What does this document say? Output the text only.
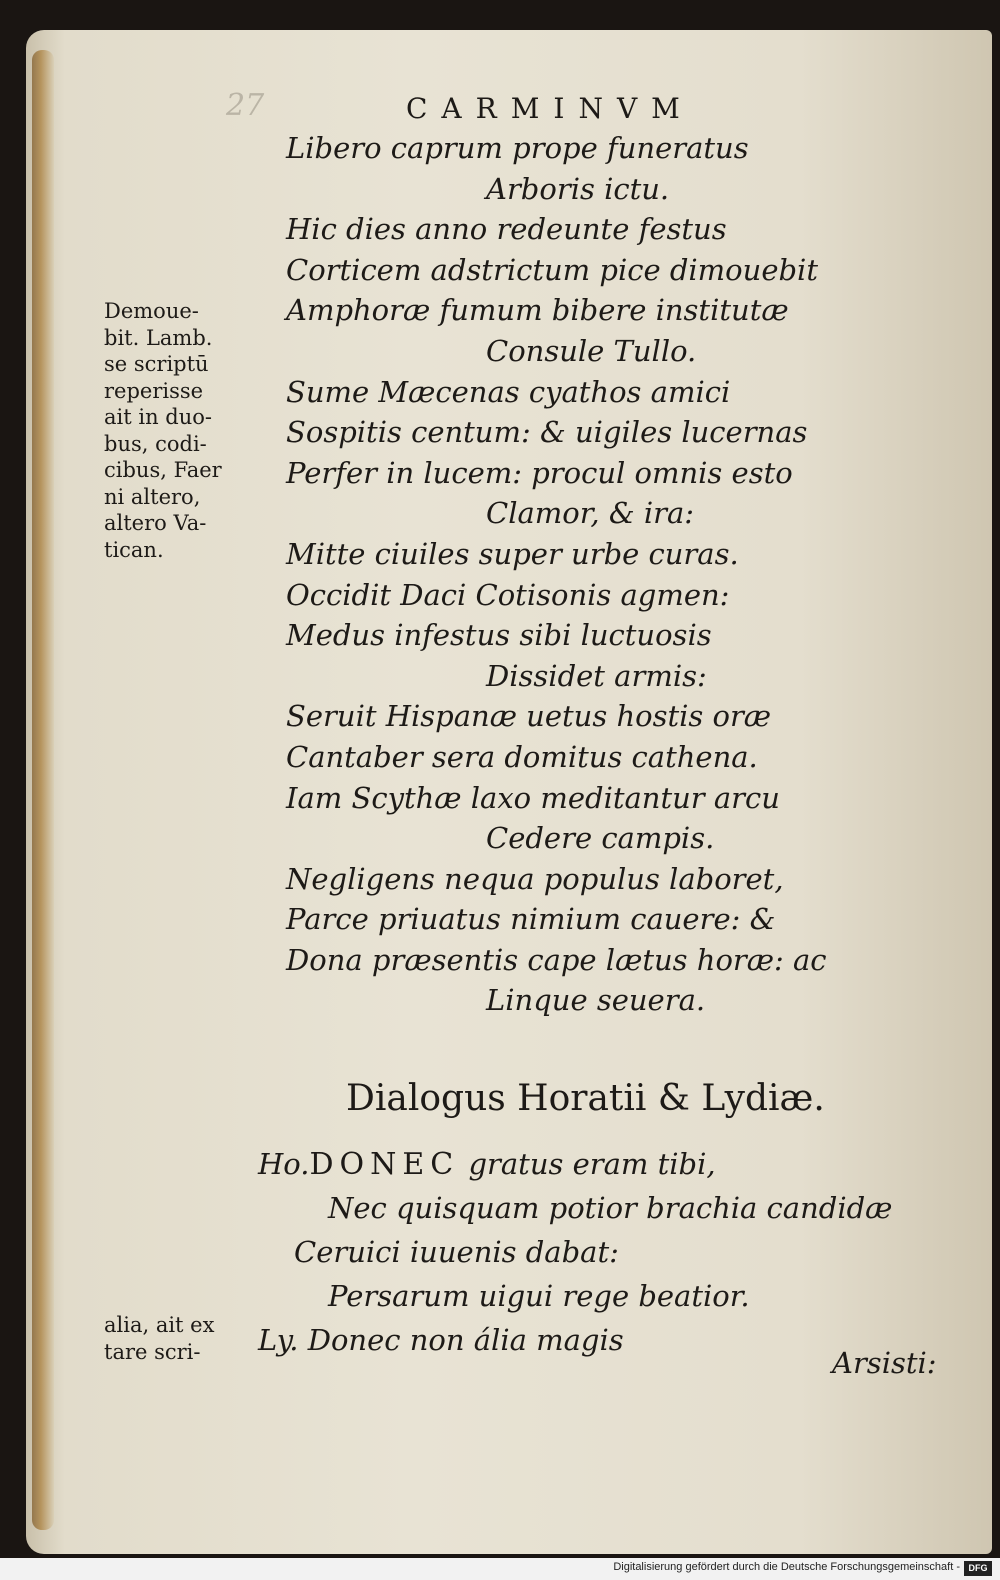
27	CARMINVM
Libero caprum prope funeratus
Arboris ictu.
Hic dies anno redeunte festus
Corticem adstrictum pice dimouebit
Amphoræ fumum bibere institutæ
Consule Tullo.
Sume Mæcenas cyathos amici
Sospitis centum: & uigiles lucernas
Perfer in lucem: procul omnis esto
Clamor, & ira:
Mitte ciuiles super urbe curas.
Occidit Daci Cotisonis agmen:
Medus infestus sibi luctuosis
Dissidet armis:
Seruit Hispanæ uetus hostis oræ
Cantaber sera domitus cathena.
Iam Scythæ laxo meditantur arcu
Cedere campis.
Negligens nequa populus laboret,
Parce priuatus nimium cauere: &
Dona præsentis cape lætus horæ: ac
Linque seuera.
Demoue-
bit. Lamb.
se scriptū
reperisse
ait in duo-
bus, codi-
cibus, Faer
ni altero,
altero Va-
tican.
alia, ait ex
tare scri-
Dialogus Horatii & Lydiæ.
Ho.DONEC gratus eram tibi,
Nec quisquam potior brachia candidæ
Ceruici iuuenis dabat:
Persarum uigui rege beatior.
Ly. Donec non ália magis
Arsisti:
Digitalisierung gefördert durch die Deutsche Forschungsgemeinschaft - DFG
